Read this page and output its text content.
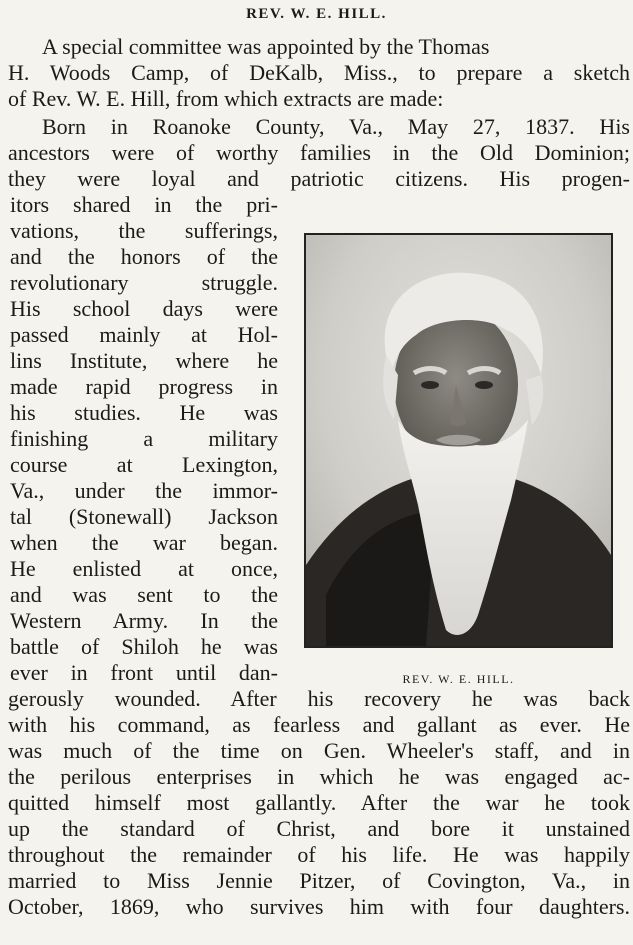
REV. W. E. HILL.
A special committee was appointed by the Thomas
H. Woods Camp, of DeKalb, Miss., to prepare a sketch
of Rev. W. E. Hill, from which extracts are made:
Born in Roanoke County, Va., May 27, 1837. His
ancestors were of worthy families in the Old Dominion;
they were loyal and patriotic citizens. His progen-
itors shared in the pri-
vations, the sufferings,
and the honors of the
revolutionary struggle.
His school days were
passed mainly at Hol-
lins Institute, where he
made rapid progress in
his studies. He was
finishing a military
course at Lexington,
Va., under the immor-
tal (Stonewall) Jackson
when the war began.
He enlisted at once,
and was sent to the
Western Army. In the
battle of Shiloh he was
ever in front until dan-
gerously wounded. After his recovery he was back
with his command, as fearless and gallant as ever. He
was much of the time on Gen. Wheeler's staff, and in
the perilous enterprises in which he was engaged ac-
quitted himself most gallantly. After the war he took
up the standard of Christ, and bore it unstained
throughout the remainder of his life. He was happily
married to Miss Jennie Pitzer, of Covington, Va., in
October, 1869, who survives him with four daughters.
REV. W. E. HILL.
